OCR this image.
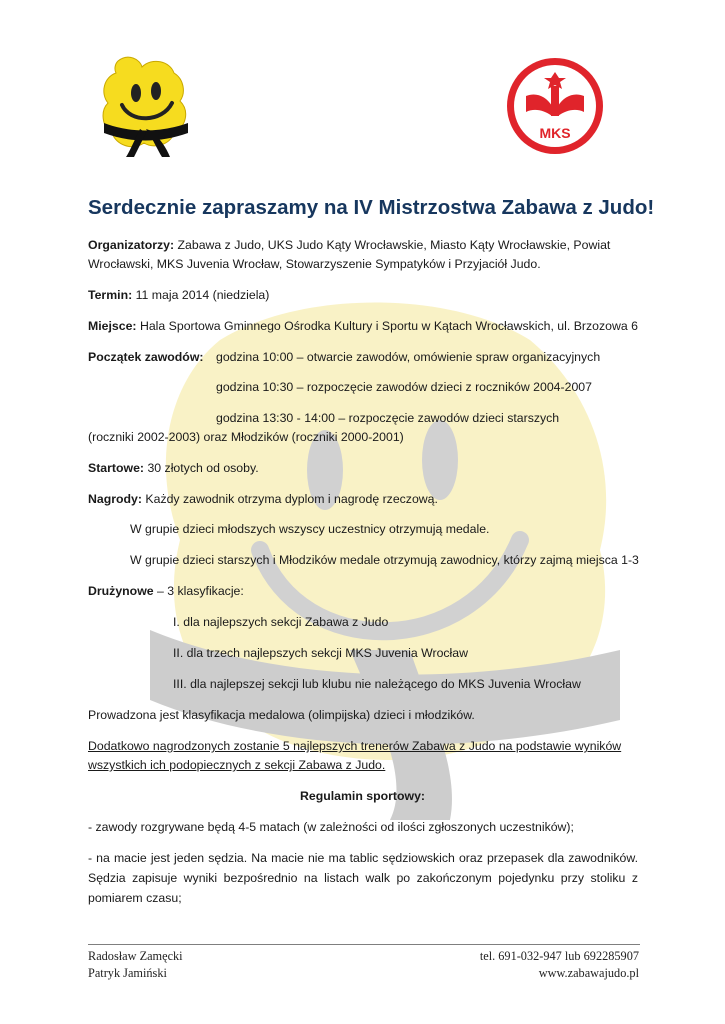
MKS
Serdecznie zapraszamy na IV Mistrzostwa Zabawa z Judo!
Organizatorzy: Zabawa z Judo, UKS Judo Kąty Wrocławskie, Miasto Kąty Wrocławskie, Powiat
Wrocławski, MKS Juvenia Wrocław, Stowarzyszenie Sympatyków i Przyjaciół Judo.
Termin: 11 maja 2014 (niedziela)
Miejsce: Hala Sportowa Gminnego Ośrodka Kultury i Sportu w Kątach Wrocławskich, ul. Brzozowa 6
Początek zawodów: godzina 10:00 – otwarcie zawodów, omówienie spraw organizacyjnych
godzina 10:30 – rozpoczęcie zawodów dzieci z roczników 2004-2007
godzina 13:30 - 14:00 – rozpoczęcie zawodów dzieci starszych
(roczniki 2002-2003) oraz Młodzików (roczniki 2000-2001)
Startowe: 30 złotych od osoby.
Nagrody: Każdy zawodnik otrzyma dyplom i nagrodę rzeczową.
W grupie dzieci młodszych wszyscy uczestnicy otrzymują medale.
W grupie dzieci starszych i Młodzików medale otrzymują zawodnicy, którzy zajmą miejsca 1-3
Drużynowe – 3 klasyfikacje:
I. dla najlepszych sekcji Zabawa z Judo
II. dla trzech najlepszych sekcji MKS Juvenia Wrocław
III. dla najlepszej sekcji lub klubu nie należącego do MKS Juvenia Wrocław
Prowadzona jest klasyfikacja medalowa (olimpijska) dzieci i młodzików.
Dodatkowo nagrodzonych zostanie 5 najlepszych trenerów Zabawa z Judo na podstawie wyników
wszystkich ich podopiecznych z sekcji Zabawa z Judo.
Regulamin sportowy:
- zawody rozgrywane będą 4-5 matach (w zależności od ilości zgłoszonych uczestników);
- na macie jest jeden sędzia. Na macie nie ma tablic sędziowskich oraz przepasek dla zawodników. Sędzia zapisuje wyniki bezpośrednio na listach walk po zakończonym pojedynku przy stoliku z pomiarem czasu;
Radosław Zamęcki
Patryk Jamiński
tel. 691-032-947 lub 692285907
www.zabawajudo.pl
